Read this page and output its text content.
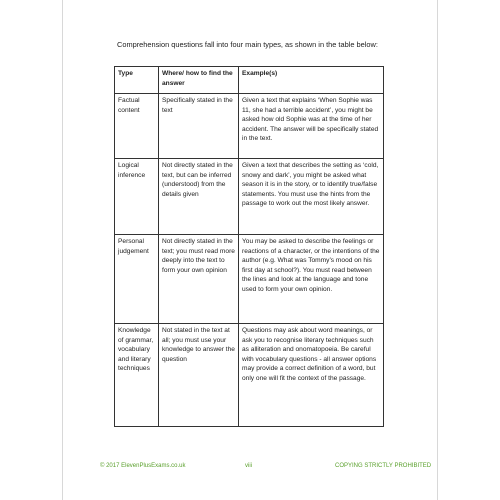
Comprehension questions fall into four main types, as shown in the table below:
Type	Where/ how to find the answer	Example(s)
Factual content	Specifically stated in the text	Given a text that explains ‘When Sophie was 11, she had a terrible accident’, you might be asked how old Sophie was at the time of her accident. The answer will be specifically stated in the text.
Logical inference	Not directly stated in the text, but can be inferred (understood) from the details given	Given a text that describes the setting as ‘cold, snowy and dark’, you might be asked what season it is in the story, or to identify true/false statements. You must use the hints from the passage to work out the most likely answer.
Personal judgement	Not directly stated in the text; you must read more deeply into the text to form your own opinion	You may be asked to describe the feelings or reactions of a character, or the intentions of the author (e.g. What was Tommy’s mood on his first day at school?). You must read between the lines and look at the language and tone used to form your own opinion.
Knowledge of grammar, vocabulary and literary techniques	Not stated in the text at all; you must use your knowledge to answer the question	Questions may ask about word meanings, or ask you to recognise literary techniques such as alliteration and onomatopoeia. Be careful with vocabulary questions - all answer options may provide a correct definition of a word, but only one will fit the context of the passage.
© 2017 ElevenPlusExams.co.uk	viii	COPYING STRICTLY PROHIBITED
